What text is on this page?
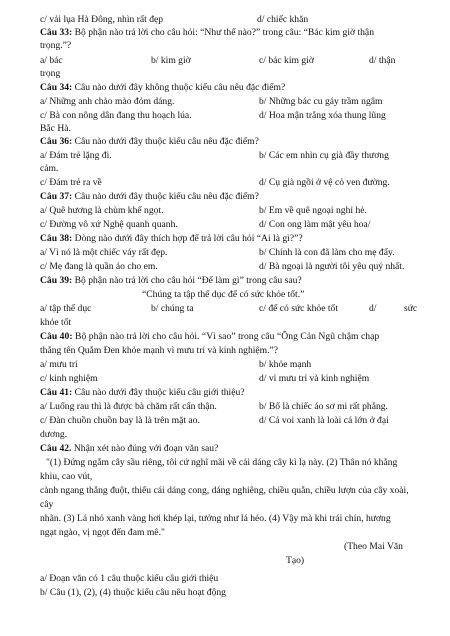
c/ vải lụa Hà Đông, nhìn rất đẹp	d/ chiếc khăn
Câu 33: Bộ phận nào trả lời cho câu hỏi: “Như thế nào?” trong câu: “Bác kim giờ thận
trọng.”?
a/ bác	b/ kim giờ	c/ bác kim giờ	d/ thận
trọng
Câu 34: Câu nào dưới đây không thuộc kiểu câu nêu đặc điểm?
a/ Những anh chào mào đỏm dáng.	b/ Những bác cu gáy trầm ngâm
c/ Bà con nông dân đang thu hoạch lúa.	d/ Hoa mận trắng xóa thung lũng
Bắc Hà.
Câu 36: Câu nào dưới đây thuộc kiểu câu nêu đặc điểm?
a/ Đám trẻ lặng đi.	b/ Các em nhìn cụ già đầy thương
cảm.
c/ Đám trẻ ra về	d/ Cụ già ngồi ở vệ cỏ ven đường.
Câu 37: Câu nào dưới đây thuộc kiểu câu nêu đặc điểm?
a/ Quê hương là chùm khế ngọt.	b/ Em về quê ngoại nghỉ hè.
c/ Đường vô xứ Nghệ quanh quanh.	d/ Con ong làm mật yêu hoa/
Câu 38: Dòng nào dưới đây thích hợp để trả lời câu hỏi “Ai là gì?”?
a/ Vì nó là một chiếc váy rất đẹp.	b/ Chính là con đã làm cho mẹ đẩy.
c/ Mẹ đang là quần áo cho em.	d/ Bà ngoại là người tôi yêu quý nhất.
Câu 39: Bộ phận nào trả lời cho câu hỏi “Để làm gì” trong câu sau?
“Chúng ta tập thể dục để có sức khỏe tốt.”
a/ tập thể dục	b/ chúng ta	c/ để có sức khỏe tốt	d/	sức
khỏe tốt
Câu 40: Bộ phận nào trả lời cho câu hỏi. “Vì sao” trong câu “Ông Cản Ngũ chậm chạp
thắng tên Quắm Đen khỏe mạnh vì mưu trí và kinh nghiệm.”?
a/ mưu trí	b/ khỏe mạnh
c/ kinh nghiệm	d/ vì mưu trí và kinh nghiệm
Câu 41: Câu nào dưới đây thuộc kiểu câu giới thiệu?
a/ Luống rau thì là được bà chăm rất cẩn thận.	b/ Bố là chiếc áo sơ mi rất phẳng.
c/ Đàn chuồn chuồn bay là là trên mặt ao.	d/ Cả voi xanh là loài cá lớn ở đại
dương.
Câu 42. Nhận xét nào đúng với đoạn văn sau?
"(1) Đứng ngắm cây sầu riêng, tôi cứ nghĩ mãi về cái dáng cây kì lạ này. (2) Thân nó khẳng
khiu, cao vút,
cành ngang thẳng đuột, thiếu cái dáng cong, dáng nghiêng, chiều quằn, chiều lượn của cây xoài,
cây
nhãn. (3) Lá nhỏ xanh vàng hơi khép lại, tưởng như lá héo. (4) Vậy mà khi trái chín, hương
ngạt ngào, vị ngọt đến đam mê."
(Theo Mai Văn
Tạo)
a/ Đoạn văn có 1 câu thuộc kiểu câu giới thiệu
b/ Câu (1), (2), (4) thuộc kiểu câu nêu hoạt động
